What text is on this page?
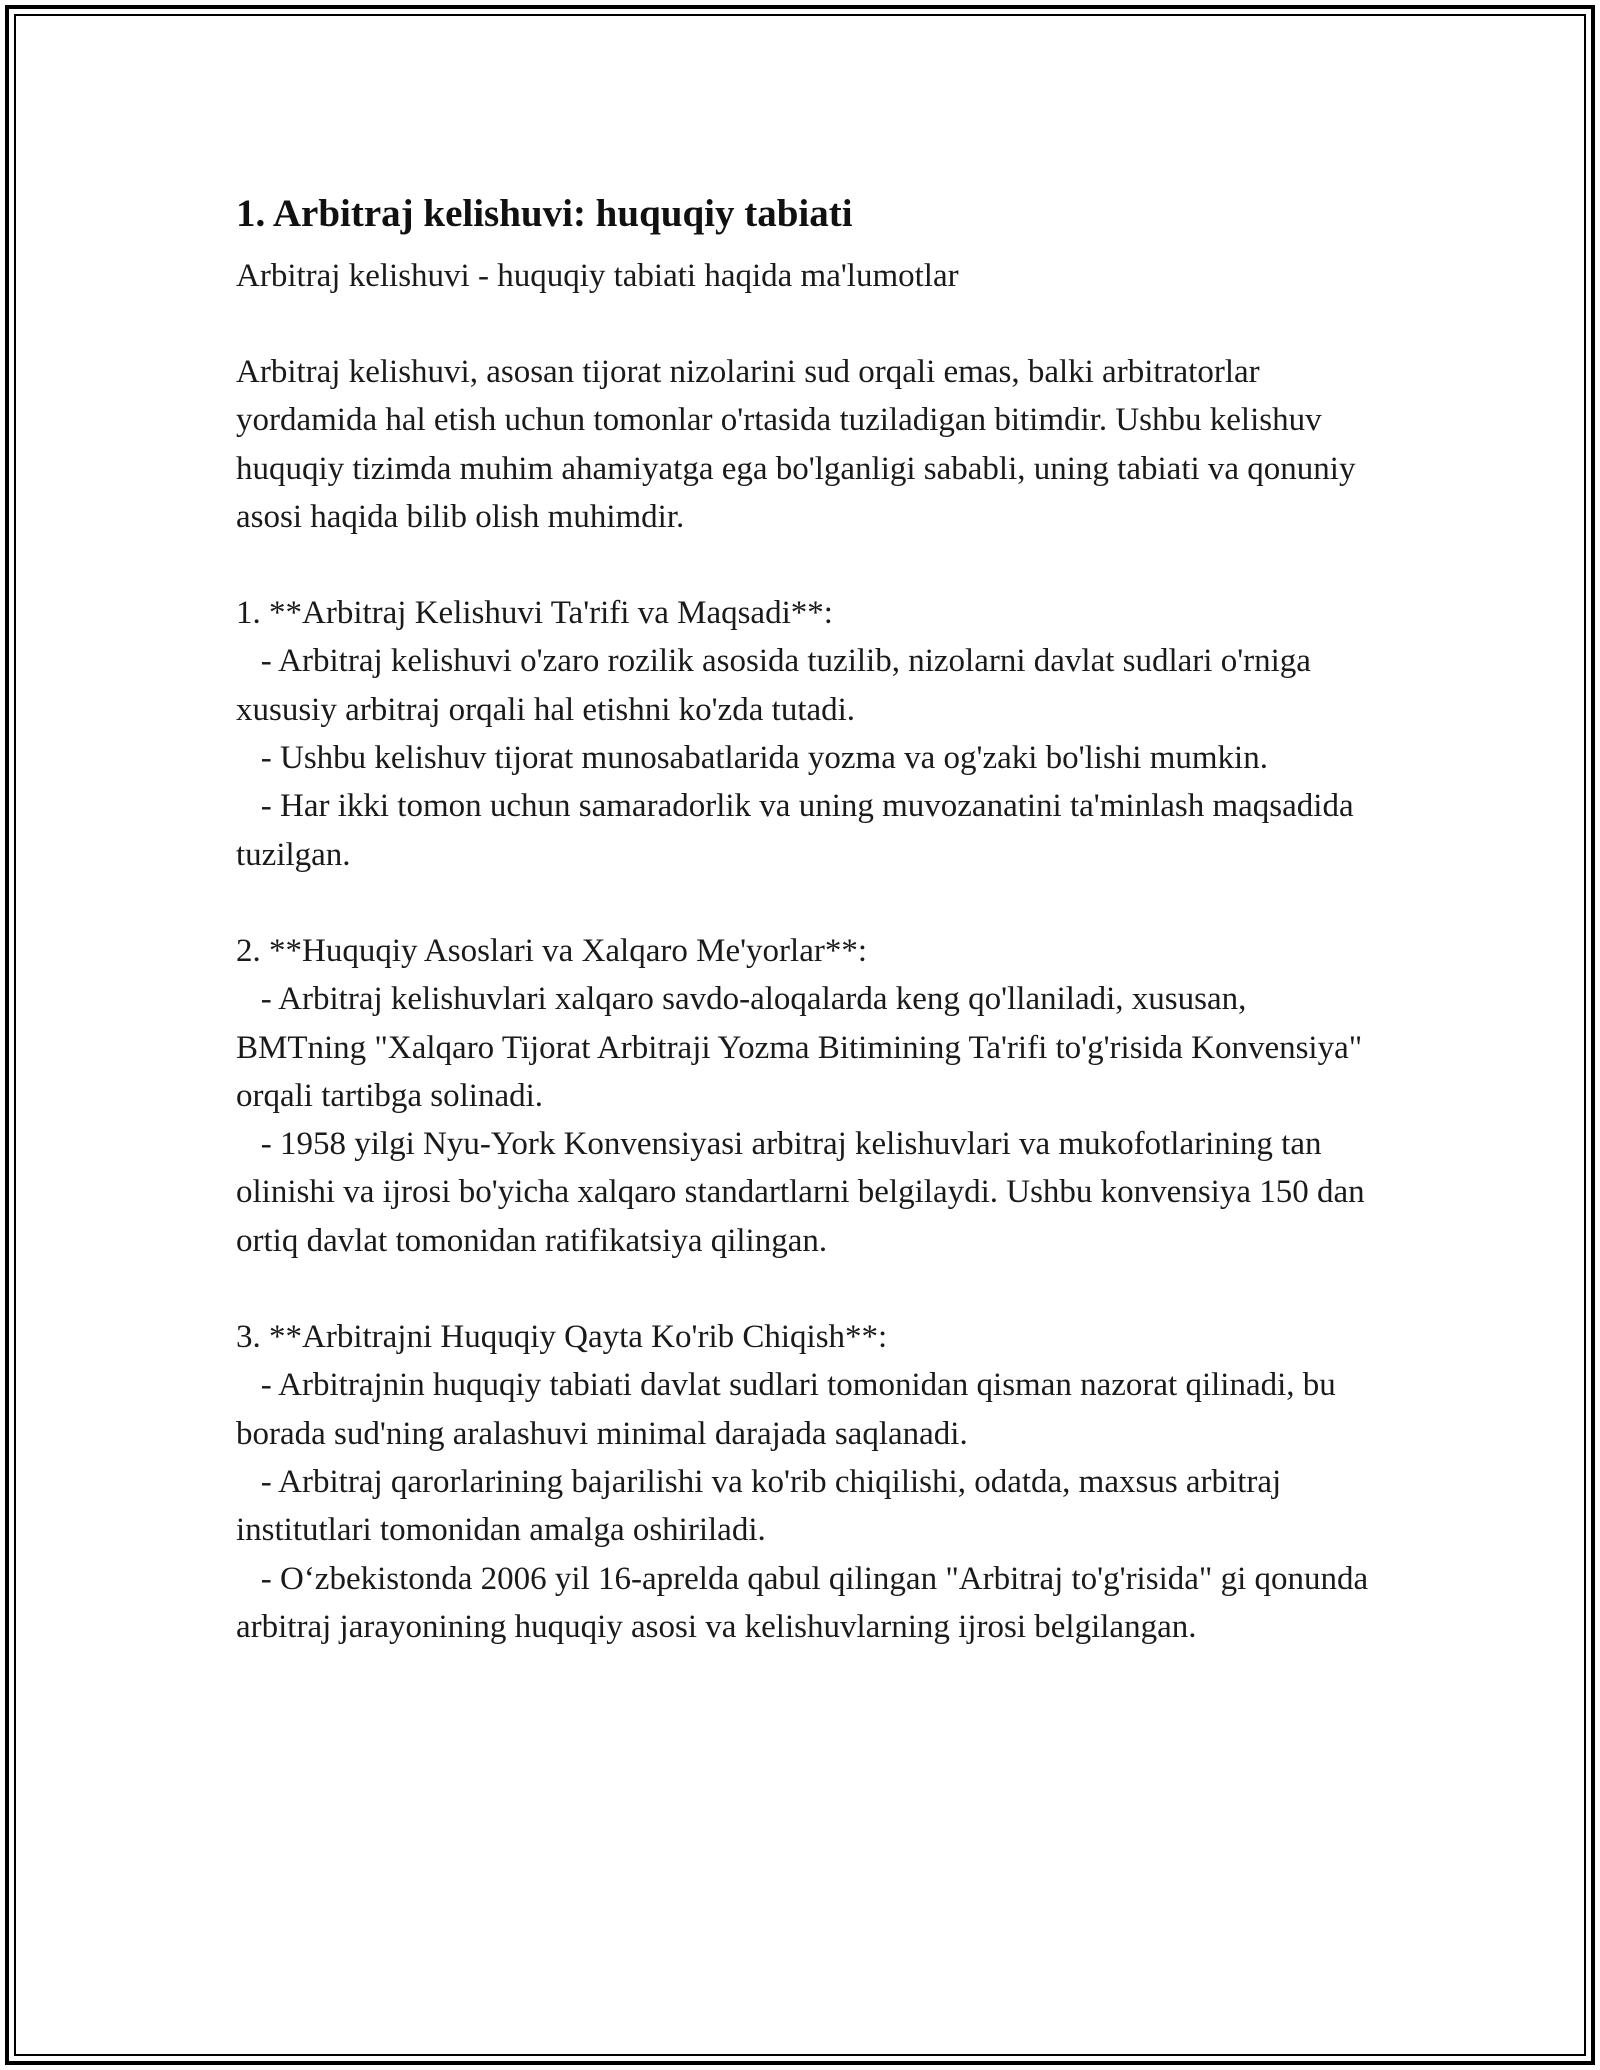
1. Arbitraj kelishuvi: huquqiy tabiati

Arbitraj kelishuvi - huquqiy tabiati haqida ma'lumotlar

Arbitraj kelishuvi, asosan tijorat nizolarini sud orqali emas, balki arbitratorlar yordamida hal etish uchun tomonlar o'rtasida tuziladigan bitimdir. Ushbu kelishuv huquqiy tizimda muhim ahamiyatga ega bo'lganligi sababli, uning tabiati va qonuniy asosi haqida bilib olish muhimdir.

1. **Arbitraj Kelishuvi Ta'rifi va Maqsadi**:

- Arbitraj kelishuvi o'zaro rozilik asosida tuzilib, nizolarni davlat sudlari o'rniga xususiy arbitraj orqali hal etishni ko'zda tutadi.

- Ushbu kelishuv tijorat munosabatlarida yozma va og'zaki bo'lishi mumkin.

- Har ikki tomon uchun samaradorlik va uning muvozanatini ta'minlash maqsadida tuzilgan.

2. **Huquqiy Asoslari va Xalqaro Me'yorlar**:

- Arbitraj kelishuvlari xalqaro savdo-aloqalarda keng qo'llaniladi, xususan, BMTning "Xalqaro Tijorat Arbitraji Yozma Bitimining Ta'rifi to'g'risida Konvensiya" orqali tartibga solinadi.

- 1958 yilgi Nyu-York Konvensiyasi arbitraj kelishuvlari va mukofotlarining tan olinishi va ijrosi bo'yicha xalqaro standartlarni belgilaydi. Ushbu konvensiya 150 dan ortiq davlat tomonidan ratifikatsiya qilingan.

3. **Arbitrajni Huquqiy Qayta Ko'rib Chiqish**:

- Arbitrajnin huquqiy tabiati davlat sudlari tomonidan qisman nazorat qilinadi, bu borada sud'ning aralashuvi minimal darajada saqlanadi.

- Arbitraj qarorlarining bajarilishi va ko'rib chiqilishi, odatda, maxsus arbitraj institutlari tomonidan amalga oshiriladi.

- O‘zbekistonda 2006 yil 16-aprelda qabul qilingan "Arbitraj to'g'risida" gi qonunda arbitraj jarayonining huquqiy asosi va kelishuvlarning ijrosi belgilangan.
